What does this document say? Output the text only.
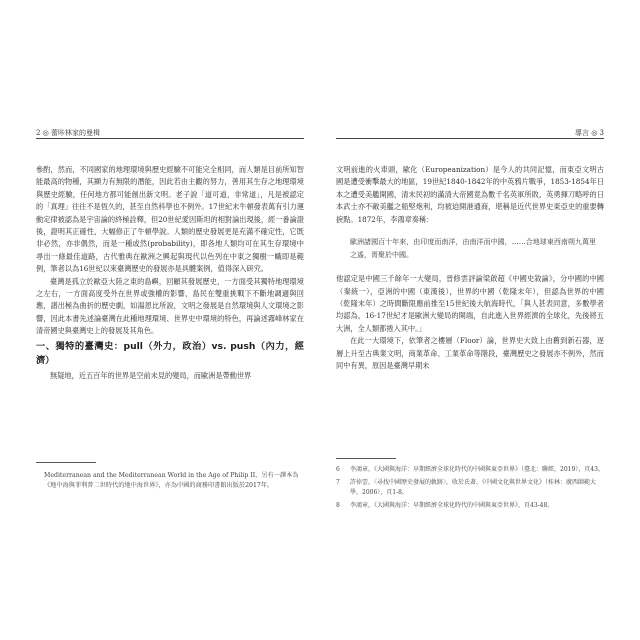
2 ◎ 蕾咔林家的曼楫

參酌，然而，不同國家的地理環境與歷史經驗不可能完全相同，而人類是目前所知智能最高的物種，其顯力有無限的潛能，因此若由主觀的努力，善用其生存之地理環境與歷史經驗，任何地方都可能創出新文明。老子說「道可道，非常道」，凡是被認定的「真理」往往不是恆久的，甚至自然科學也不例外。17世紀末牛頓發表萬有引力運動定律被認為是宇宙論的終極詮釋，但20世紀愛因斯坦的相對論出現後，經一番論證後，證明其正確性，大幅修正了牛頓學說。人類的歷史發展更是充滿不確定性，它既非必然，亦非偶然，而是一種或然(probability)，即各地人類均可在其生存環境中尋出一條最佳道路，古代雅典在歐洲之興起與現代以色列在中東之獨樹一幟即是範例，筆者以為16世紀以來臺灣歷史的發展亦是具體案例，值得深入研究。

臺灣是孤立於歐亞大陸之東的島嶼，回顧其發展歷史，一方面受其獨特地理環境之左右，一方面高度受外在世界或強權的影響，島民在雙重挑戰下不斷地調適與回應，譜出極為曲折的歷史劇，如湯恩比所說，文明之發展是自然環境與人文環境之影響，因此本書先述論臺灣在此種地理環境、世界史中環境的特色，再論述霧峰林家在清帝國史與臺灣史上的發展及其角色。

一、獨特的臺灣史：pull（外力，政治）vs. push（內力，經濟）

無疑地，近五百年的世界是空前未見的變局，而歐洲是帶動世界

Mediterranean and the Mediterranean World in the Age of Philip II，另有一譯本為《地中海與菲利普二世時代的地中海世界》，亦為中國的商務印書館出版於2017年。

導言 ◎ 3

文明前進的火車頭，歐化（Europeanization）是今人的共同記憶，而東亞文明古國是遭受衝擊最大的地區，19世紀1840-1842年的中英鴉片戰爭，1853-1854年日本之遭受美艦開國，清末民初的滿清大帝國竟為數千名英軍所敗，英勇揮刀略呼的日本武士亦不敵美艦之船堅炮利，均被迫開港通商，堪稱是近代世界史東亞史的重要轉捩點。1872年，李鴻章奏稱：

歐洲諸國百十年來，由印度而南洋，由南洋而中國，……合地球東西南朔九萬里之遙，胥聚於中國。

他認定是中國三千餘年一大變局，晉修雲評論梁啟超《中國史敘論》，分中國的中國（秦統一），亞洲的中國（東漢後），世界的中國（乾隆末年），但認為世界的中國（乾隆末年）之時間斷限應前推至15世紀後大航海時代，「與人甚表同意，多數學者均認為，16-17世紀才是歐洲大變局的開端，自此進入世界經濟的全球化，先後將五大洲，全人類都捲入其中。」

在此一大環境下，依筆者之樓層（Floor）論，世界史大致上由舊到新石器，逐層上升至古典業文明，商業革命、工業革命等階段，臺灣歷史之發展亦不例外，然而同中有異，原因是臺灣早期未

6	李鴻章，《大國與海洋：早期經濟全球化時代的中國與東亞世界》（臺北：聯經，2019），頁43。
7	許倬雲，〈尋找中國歷史發展的軌跡〉，收於氏著，《中國文化與世界文化》（桂林：廣西師範大學，2006），頁1-8。
8	李鴻章，《大國與海洋：早期經濟全球化時代的中國與東亞世界》，頁43-48。
